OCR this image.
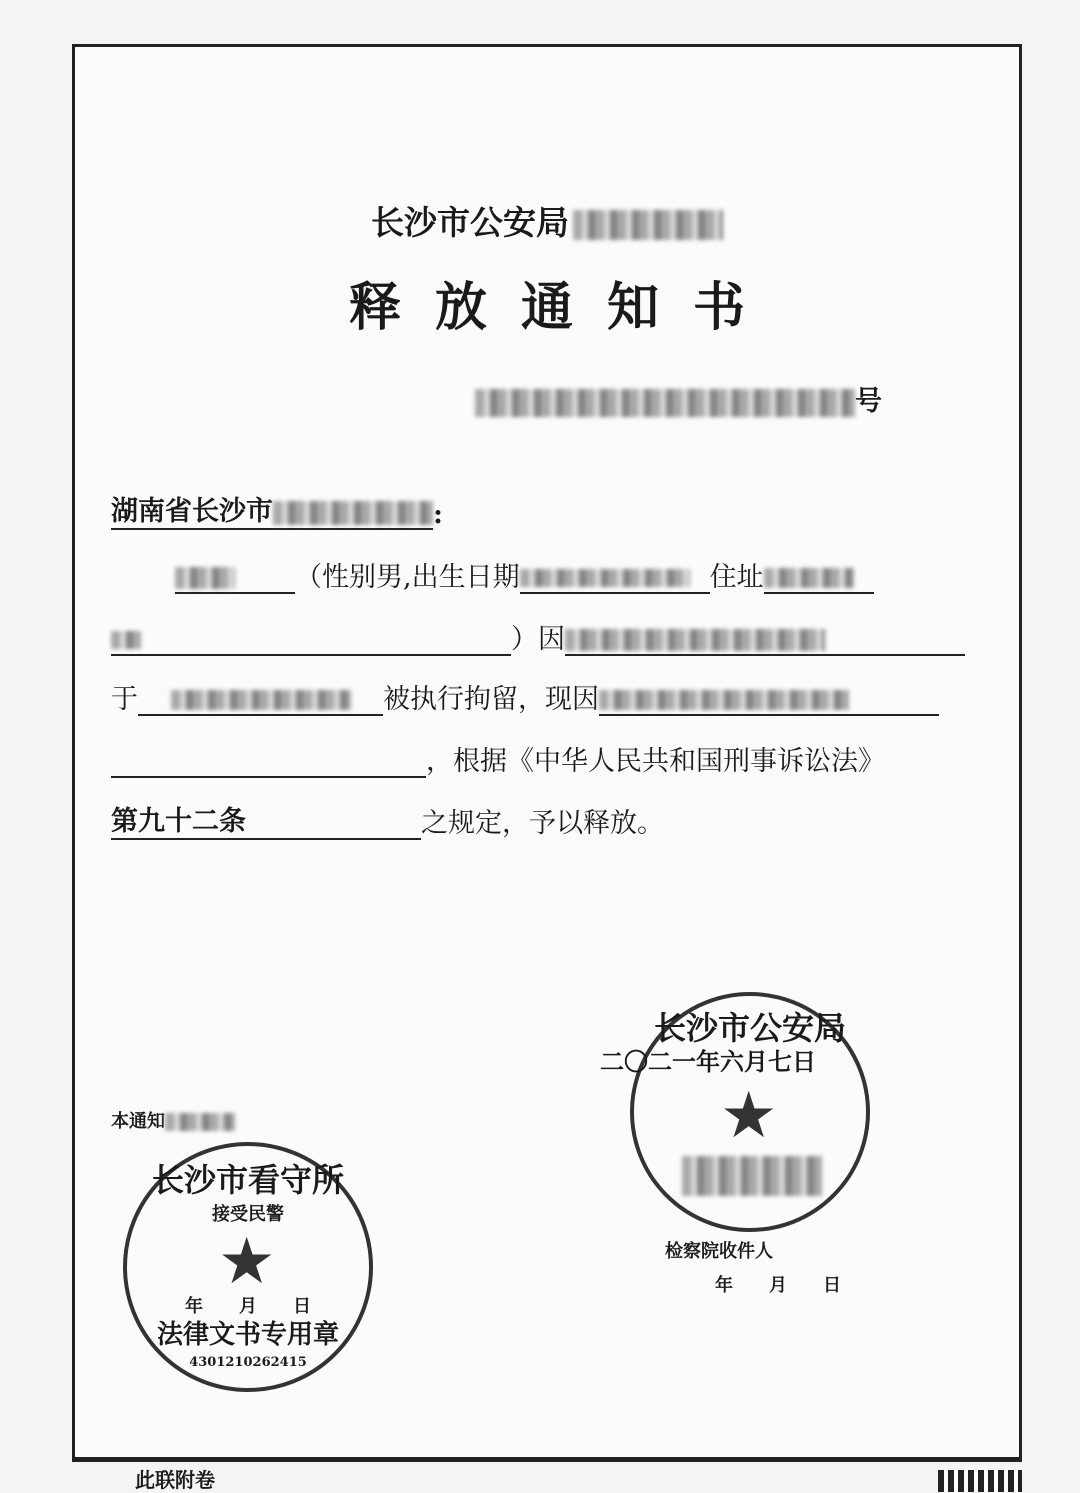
长沙市公安局
释放通知书
号
湖南省长沙市	:
（性别男,出生日期	住址
）因
于	被执行拘留，现因
，根据《中华人民共和国刑事诉讼法》
第九十二条	之规定，予以释放。
长沙市公安局
★
二〇二一年六月七日
检察院收件人
年　　月　　日
本通知
长沙市看守所
接受民警
★
年　　月　　日
法律文书专用章
4301210262415
此联附卷
